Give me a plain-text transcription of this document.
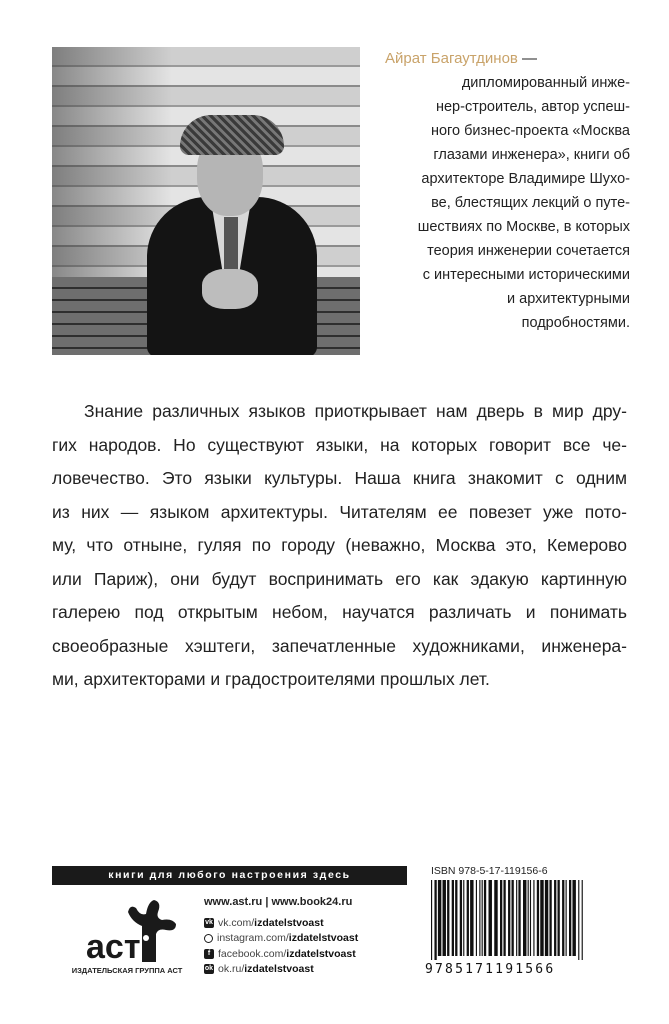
Айрат Багаутдинов —

дипломированный инже-
нер-строитель, автор успеш-
ного бизнес-проекта «Москва
глазами инженера», книги об
архитекторе Владимире Шухо-
ве, блестящих лекций о путе-
шествиях по Москве, в которых
теория инженерии сочетается
с интересными историческими
и архитектурными
подробностями.

Знание различных языков приоткрывает нам дверь в мир дру-
гих народов. Но существуют языки, на которых говорит все че-
ловечество. Это языки культуры. Наша книга знакомит с одним
из них — языком архитектуры. Читателям ее повезет уже пото-
му, что отныне, гуляя по городу (неважно, Москва это, Кемерово
или Париж), они будут воспринимать его как эдакую картинную
галерею под открытым небом, научатся различать и понимать
своеобразные хэштеги, запечатленные художниками, инженера-
ми, архитекторами и градостроителями прошлых лет.
книги для любого настроения здесь
аст

ИЗДАТЕЛЬСКАЯ ГРУППА АСТ

www.ast.ru | www.book24.ru

vk vk.com/ izdatelstvoast
instagram.com/ izdatelstvoast
f facebook.com/ izdatelstvoast
ok ok.ru/ izdatelstvoast

ISBN 978-5-17-119156-6

9785171191566
